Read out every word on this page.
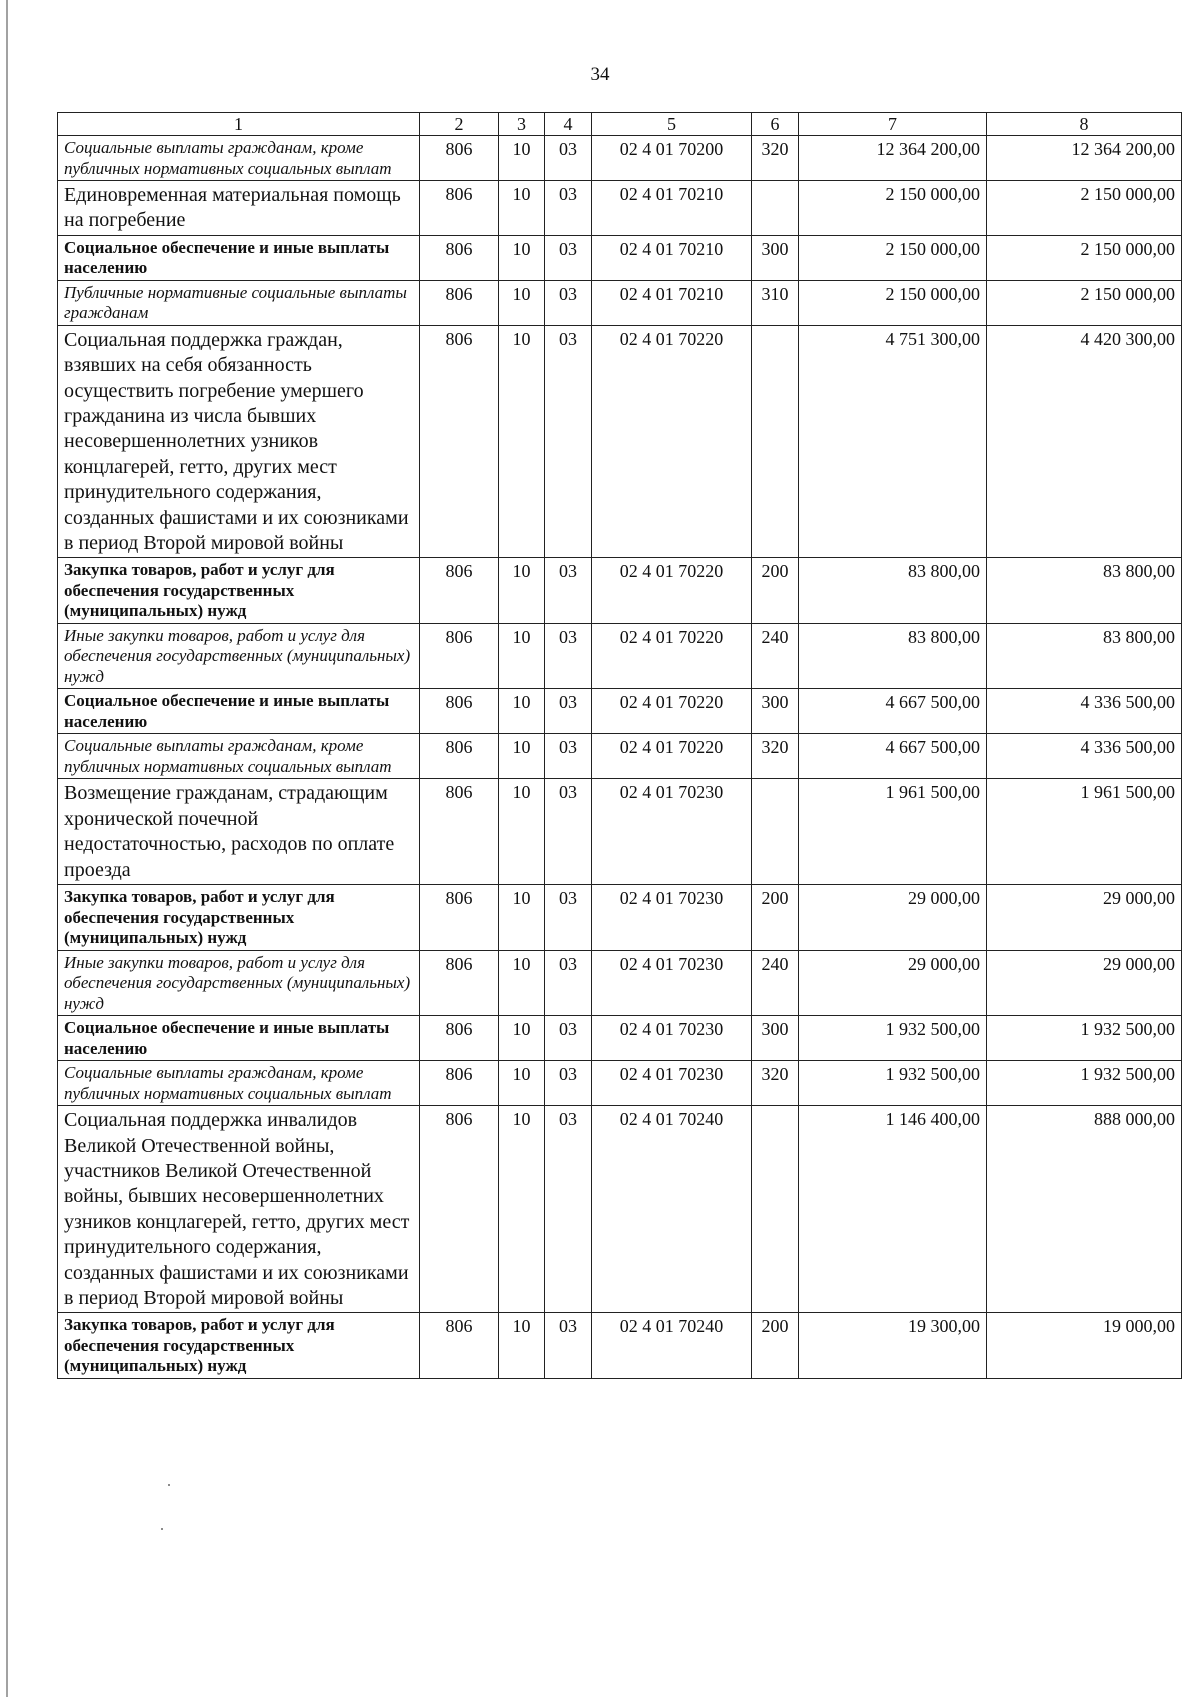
34
1	2	3	4	5	6	7	8
Социальные выплаты гражданам, кроме публичных нормативных социальных выплат	806	10	03	02 4 01 70200	320	12 364 200,00	12 364 200,00
Единовременная материальная помощь на погребение	806	10	03	02 4 01 70210		2 150 000,00	2 150 000,00
Социальное обеспечение и иные выплаты населению	806	10	03	02 4 01 70210	300	2 150 000,00	2 150 000,00
Публичные нормативные социальные выплаты гражданам	806	10	03	02 4 01 70210	310	2 150 000,00	2 150 000,00
Социальная поддержка граждан, взявших на себя обязанность осуществить погребение умершего гражданина из числа бывших несовершеннолетних узников концлагерей, гетто, других мест принудительного содержания, созданных фашистами и их союзниками в период Второй мировой войны	806	10	03	02 4 01 70220		4 751 300,00	4 420 300,00
Закупка товаров, работ и услуг для обеспечения государственных (муниципальных) нужд	806	10	03	02 4 01 70220	200	83 800,00	83 800,00
Иные закупки товаров, работ и услуг для обеспечения государственных (муниципальных) нужд	806	10	03	02 4 01 70220	240	83 800,00	83 800,00
Социальное обеспечение и иные выплаты населению	806	10	03	02 4 01 70220	300	4 667 500,00	4 336 500,00
Социальные выплаты гражданам, кроме публичных нормативных социальных выплат	806	10	03	02 4 01 70220	320	4 667 500,00	4 336 500,00
Возмещение гражданам, страдающим хронической почечной недостаточностью, расходов по оплате проезда	806	10	03	02 4 01 70230		1 961 500,00	1 961 500,00
Закупка товаров, работ и услуг для обеспечения государственных (муниципальных) нужд	806	10	03	02 4 01 70230	200	29 000,00	29 000,00
Иные закупки товаров, работ и услуг для обеспечения государственных (муниципальных) нужд	806	10	03	02 4 01 70230	240	29 000,00	29 000,00
Социальное обеспечение и иные выплаты населению	806	10	03	02 4 01 70230	300	1 932 500,00	1 932 500,00
Социальные выплаты гражданам, кроме публичных нормативных социальных выплат	806	10	03	02 4 01 70230	320	1 932 500,00	1 932 500,00
Социальная поддержка инвалидов Великой Отечественной войны, участников Великой Отечественной войны, бывших несовершеннолетних узников концлагерей, гетто, других мест принудительного содержания, созданных фашистами и их союзниками в период Второй мировой войны	806	10	03	02 4 01 70240		1 146 400,00	888 000,00
Закупка товаров, работ и услуг для обеспечения государственных (муниципальных) нужд	806	10	03	02 4 01 70240	200	19 300,00	19 000,00
